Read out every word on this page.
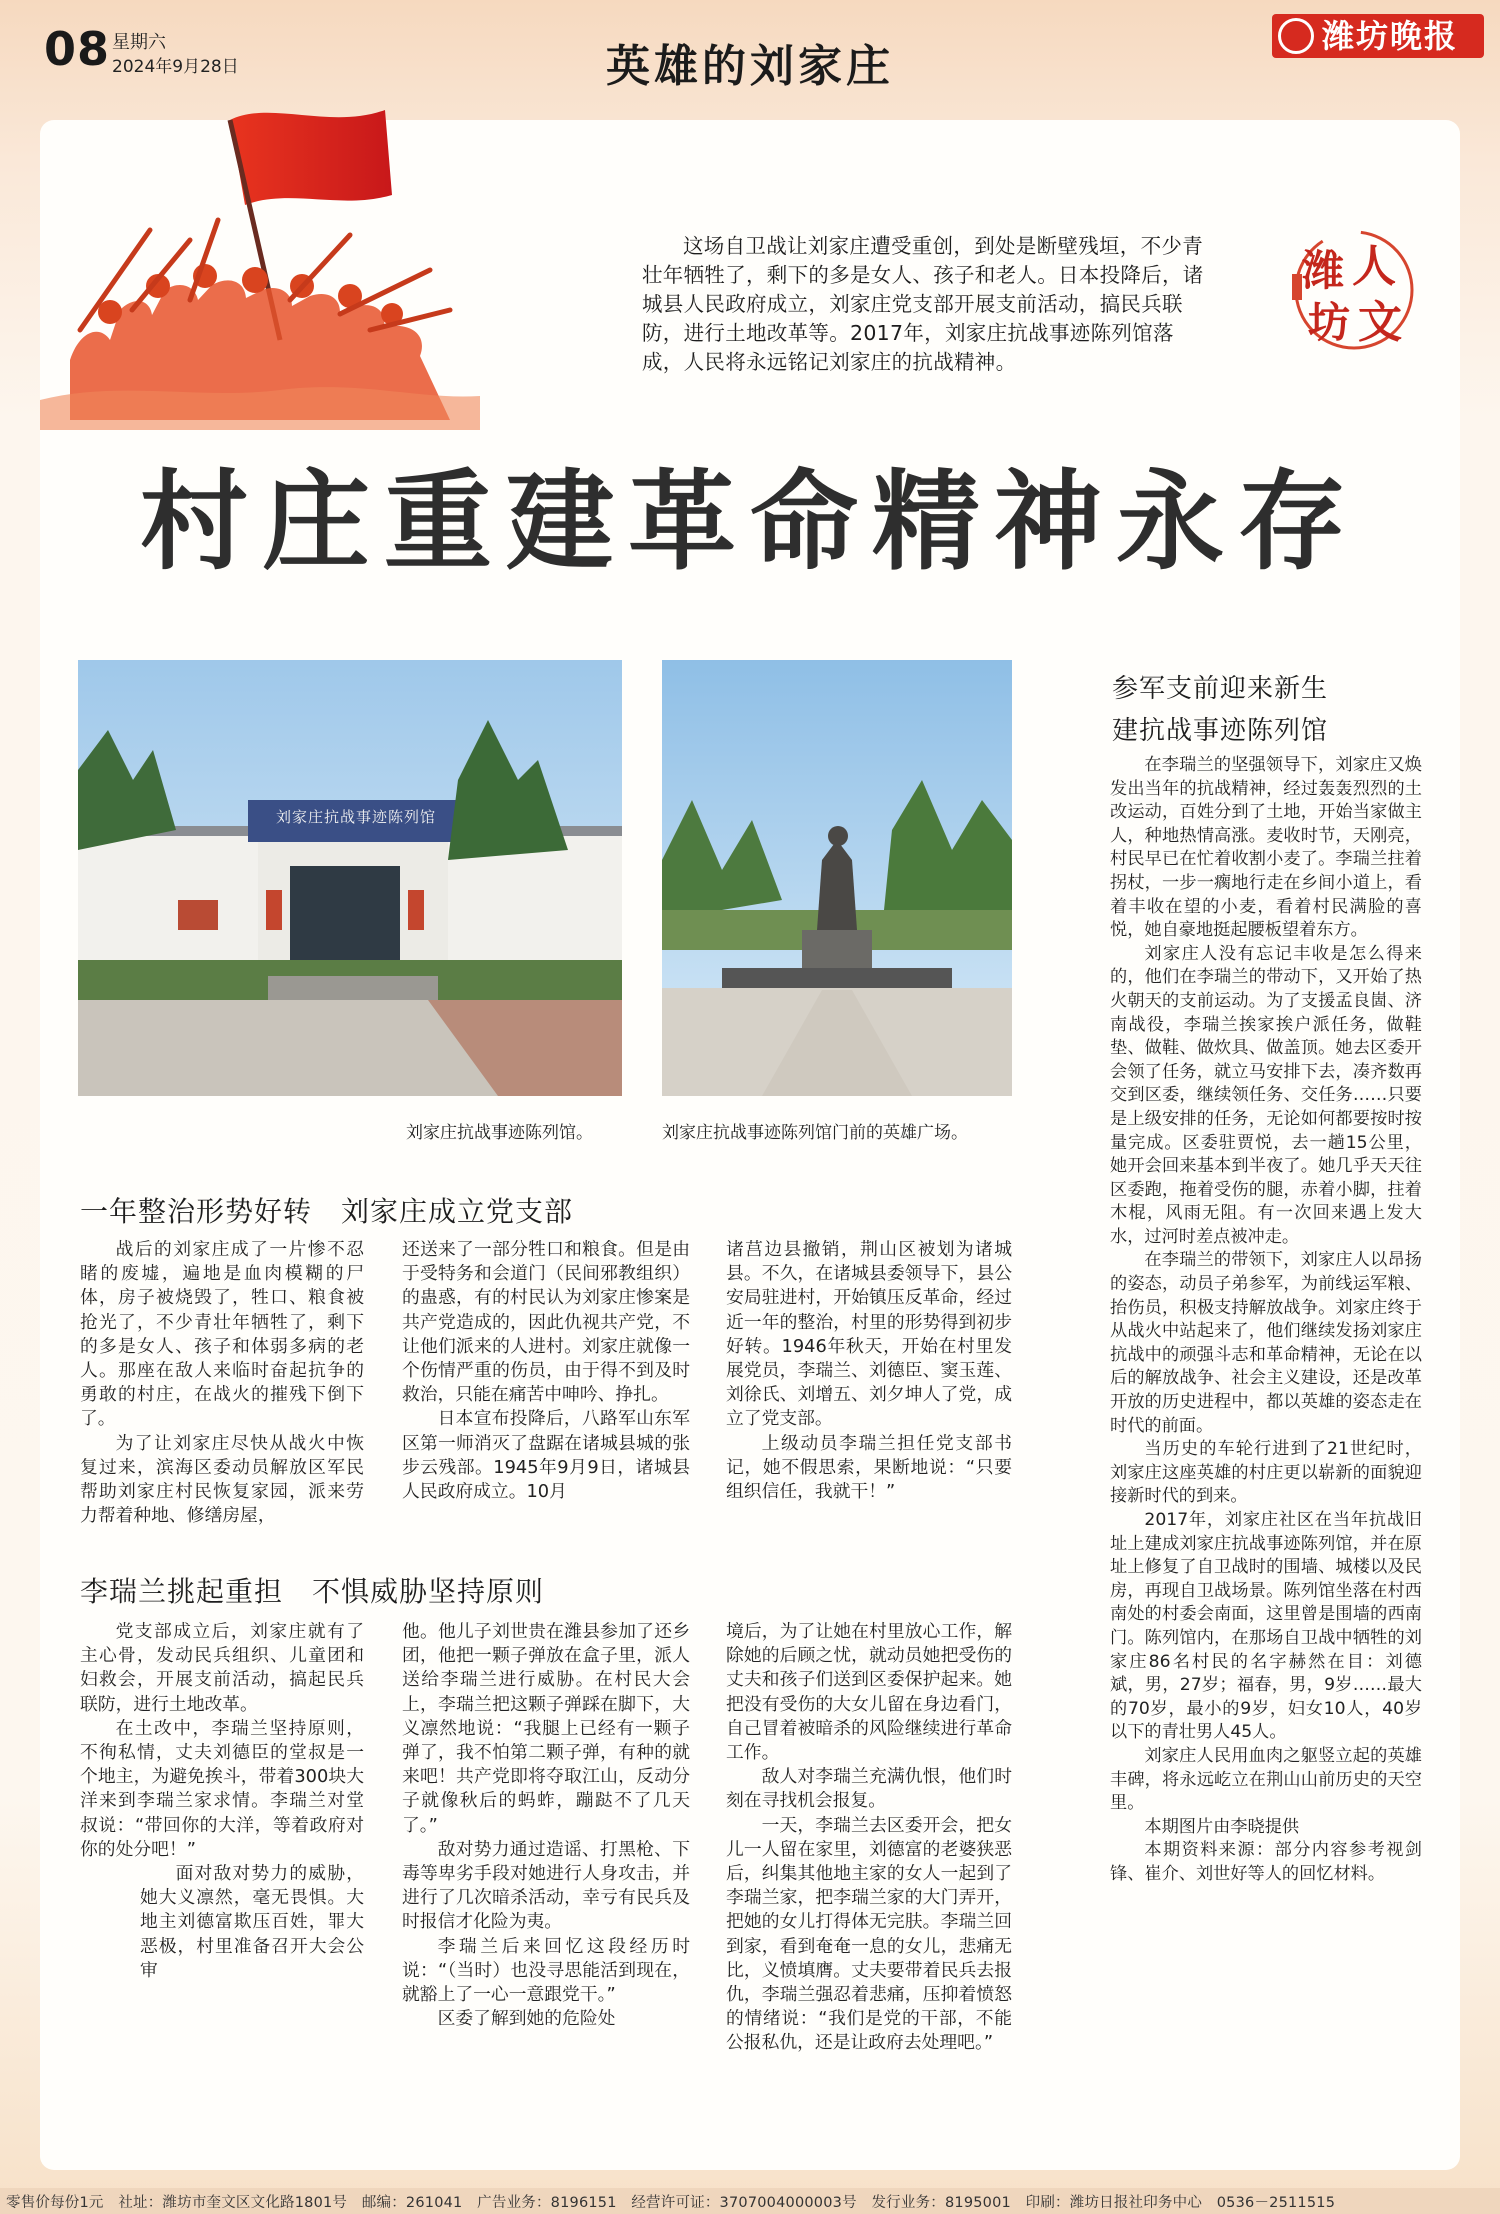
08 星期六
2024年9月28日	英雄的刘家庄
潍坊晚报
这场自卫战让刘家庄遭受重创，到处是断壁残垣，不少青壮年牺牲了，剩下的多是女人、孩子和老人。日本投降后，诸城县人民政府成立，刘家庄党支部开展支前活动，搞民兵联防，进行土地改革等。2017年，刘家庄抗战事迹陈列馆落成，人民将永远铭记刘家庄的抗战精神。
潍 人
坊 文
村庄重建革命精神永存
刘家庄抗战事迹陈列馆
刘家庄抗战事迹陈列馆。	刘家庄抗战事迹陈列馆门前的英雄广场。
一年整治形势好转　刘家庄成立党支部

战后的刘家庄成了一片惨不忍睹的废墟，遍地是血肉模糊的尸体，房子被烧毁了，牲口、粮食被抢光了，不少青壮年牺牲了，剩下的多是女人、孩子和体弱多病的老人。那座在敌人来临时奋起抗争的勇敢的村庄，在战火的摧残下倒下了。

为了让刘家庄尽快从战火中恢复过来，滨海区委动员解放区军民帮助刘家庄村民恢复家园，派来劳力帮着种地、修缮房屋，

还送来了一部分牲口和粮食。但是由于受特务和会道门（民间邪教组织）的蛊惑，有的村民认为刘家庄惨案是共产党造成的，因此仇视共产党，不让他们派来的人进村。刘家庄就像一个伤情严重的伤员，由于得不到及时救治，只能在痛苦中呻吟、挣扎。

日本宣布投降后，八路军山东军区第一师消灭了盘踞在诸城县城的张步云残部。1945年9月9日，诸城县人民政府成立。10月

诸莒边县撤销，荆山区被划为诸城县。不久，在诸城县委领导下，县公安局驻进村，开始镇压反革命，经过近一年的整治，村里的形势得到初步好转。1946年秋天，开始在村里发展党员，李瑞兰、刘德臣、窦玉莲、刘徐氏、刘增五、刘夕坤人了党，成立了党支部。

上级动员李瑞兰担任党支部书记，她不假思索，果断地说：“只要组织信任，我就干！”

李瑞兰挑起重担　不惧威胁坚持原则

党支部成立后，刘家庄就有了主心骨，发动民兵组织、儿童团和妇救会，开展支前活动，搞起民兵联防，进行土地改革。

在土改中，李瑞兰坚持原则，不徇私情，丈夫刘德臣的堂叔是一个地主，为避免挨斗，带着300块大洋来到李瑞兰家求情。李瑞兰对堂叔说：“带回你的大洋，等着政府对你的处分吧！”

面对敌对势力的威胁，她大义凛然，毫无畏惧。大地主刘德富欺压百姓，罪大恶极，村里准备召开大会公审

他。他儿子刘世贵在潍县参加了还乡团，他把一颗子弹放在盒子里，派人送给李瑞兰进行威胁。在村民大会上，李瑞兰把这颗子弹踩在脚下，大义凛然地说：“我腿上已经有一颗子弹了，我不怕第二颗子弹，有种的就来吧！共产党即将夺取江山，反动分子就像秋后的蚂蚱，蹦跶不了几天了。”

敌对势力通过造谣、打黑枪、下毒等卑劣手段对她进行人身攻击，并进行了几次暗杀活动，幸亏有民兵及时报信才化险为夷。

李瑞兰后来回忆这段经历时说：“（当时）也没寻思能活到现在，就豁上了一心一意跟党干。”

区委了解到她的危险处

境后，为了让她在村里放心工作，解除她的后顾之忧，就动员她把受伤的丈夫和孩子们送到区委保护起来。她把没有受伤的大女儿留在身边看门，自己冒着被暗杀的风险继续进行革命工作。

敌人对李瑞兰充满仇恨，他们时刻在寻找机会报复。

一天，李瑞兰去区委开会，把女儿一人留在家里，刘德富的老婆狭恶后，纠集其他地主家的女人一起到了李瑞兰家，把李瑞兰家的大门弄开，把她的女儿打得体无完肤。李瑞兰回到家，看到奄奄一息的女儿，悲痛无比，义愤填膺。丈夫要带着民兵去报仇，李瑞兰强忍着悲痛，压抑着愤怒的情绪说：“我们是党的干部，不能公报私仇，还是让政府去处理吧。”

参军支前迎来新生
建抗战事迹陈列馆

在李瑞兰的坚强领导下，刘家庄又焕发出当年的抗战精神，经过轰轰烈烈的土改运动，百姓分到了土地，开始当家做主人，种地热情高涨。麦收时节，天刚亮，村民早已在忙着收割小麦了。李瑞兰拄着拐杖，一步一瘸地行走在乡间小道上，看着丰收在望的小麦，看着村民满脸的喜悦，她自豪地挺起腰板望着东方。

刘家庄人没有忘记丰收是怎么得来的，他们在李瑞兰的带动下，又开始了热火朝天的支前运动。为了支援孟良崮、济南战役，李瑞兰挨家挨户派任务，做鞋垫、做鞋、做炊具、做盖顶。她去区委开会领了任务，就立马安排下去，凑齐数再交到区委，继续领任务、交任务……只要是上级安排的任务，无论如何都要按时按量完成。区委驻贾悦，去一趟15公里，她开会回来基本到半夜了。她几乎天天往区委跑，拖着受伤的腿，赤着小脚，拄着木棍，风雨无阻。有一次回来遇上发大水，过河时差点被冲走。

在李瑞兰的带领下，刘家庄人以昂扬的姿态，动员子弟参军，为前线运军粮、抬伤员，积极支持解放战争。刘家庄终于从战火中站起来了，他们继续发扬刘家庄抗战中的顽强斗志和革命精神，无论在以后的解放战争、社会主义建设，还是改革开放的历史进程中，都以英雄的姿态走在时代的前面。

当历史的车轮行进到了21世纪时，刘家庄这座英雄的村庄更以崭新的面貌迎接新时代的到来。

2017年，刘家庄社区在当年抗战旧址上建成刘家庄抗战事迹陈列馆，并在原址上修复了自卫战时的围墙、城楼以及民房，再现自卫战场景。陈列馆坐落在村西南处的村委会南面，这里曾是围墙的西南门。陈列馆内，在那场自卫战中牺牲的刘家庄86名村民的名字赫然在目：刘德斌，男，27岁；福春，男，9岁……最大的70岁，最小的9岁，妇女10人，40岁以下的青壮男人45人。

刘家庄人民用血肉之躯竖立起的英雄丰碑，将永远屹立在荆山山前历史的天空里。

本期图片由李晓提供

本期资料来源：部分内容参考视剑锋、崔介、刘世好等人的回忆材料。

零售价每份1元　社址：潍坊市奎文区文化路1801号　邮编：261041　广告业务：8196151　经营许可证：3707004000003号　发行业务：8195001　印刷：潍坊日报社印务中心　0536－2511515
